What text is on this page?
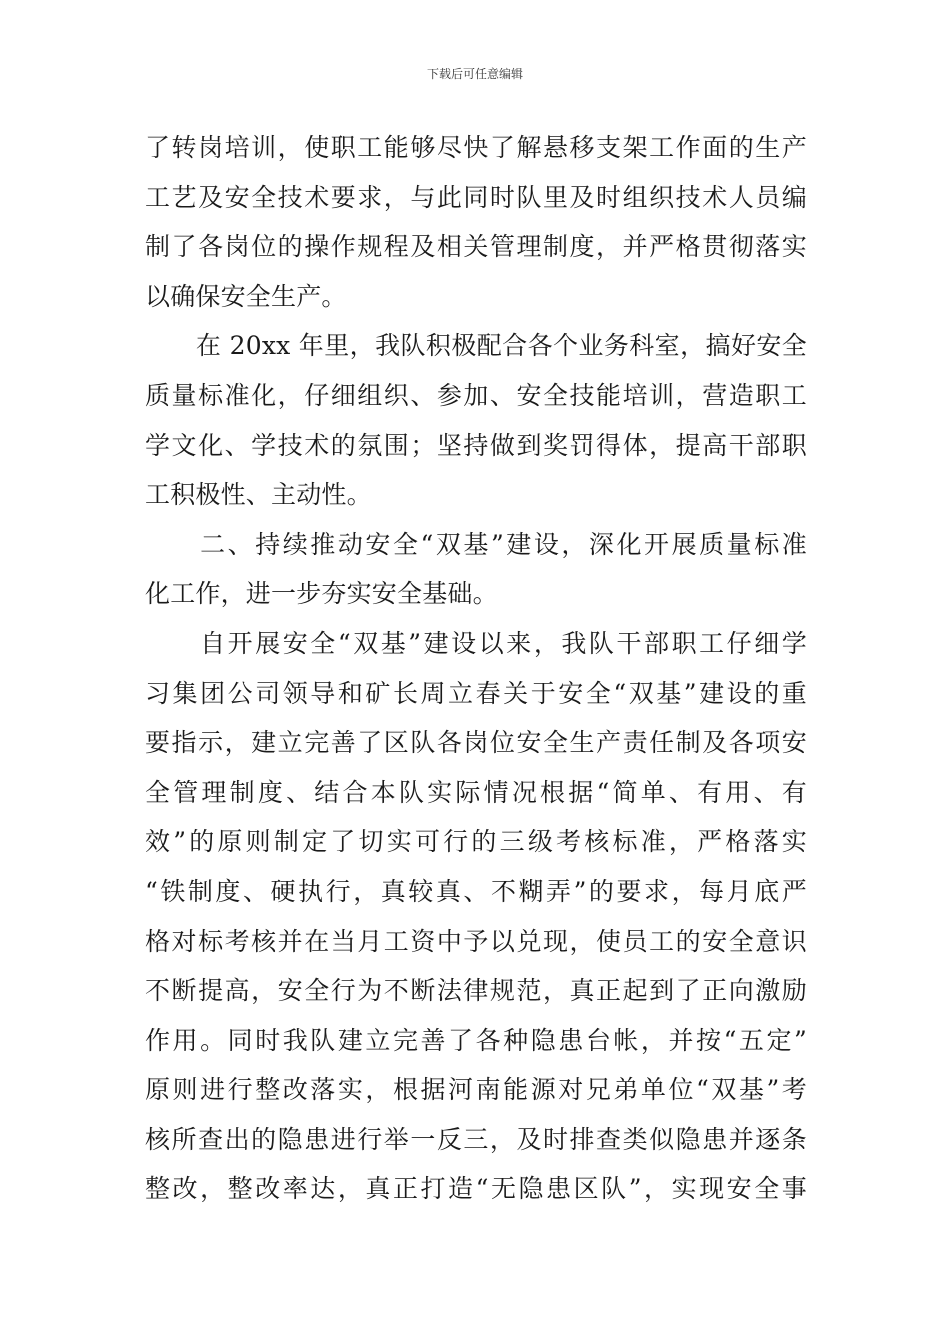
下载后可任意编辑

了转岗培训，使职工能够尽快了解悬移支架工作面的生产
工艺及安全技术要求，与此同时队里及时组织技术人员编
制了各岗位的操作规程及相关管理制度，并严格贯彻落实
以确保安全生产。

　　在 20xx 年里，我队积极配合各个业务科室，搞好安全
质量标准化，仔细组织、参加、安全技能培训，营造职工
学文化、学技术的氛围；坚持做到奖罚得体，提高干部职
工积极性、主动性。

　　二、持续推动安全“双基”建设，深化开展质量标准
化工作，进一步夯实安全基础。

　　自开展安全“双基”建设以来，我队干部职工仔细学
习集团公司领导和矿长周立春关于安全“双基”建设的重
要指示，建立完善了区队各岗位安全生产责任制及各项安
全管理制度、结合本队实际情况根据“简单、有用、有
效”的原则制定了切实可行的三级考核标准，严格落实
“铁制度、硬执行，真较真、不糊弄”的要求，每月底严
格对标考核并在当月工资中予以兑现，使员工的安全意识
不断提高，安全行为不断法律规范，真正起到了正向激励
作用。同时我队建立完善了各种隐患台帐，并按“五定”
原则进行整改落实，根据河南能源对兄弟单位“双基”考
核所查出的隐患进行举一反三，及时排查类似隐患并逐条
整改，整改率达，真正打造“无隐患区队”，实现安全事
